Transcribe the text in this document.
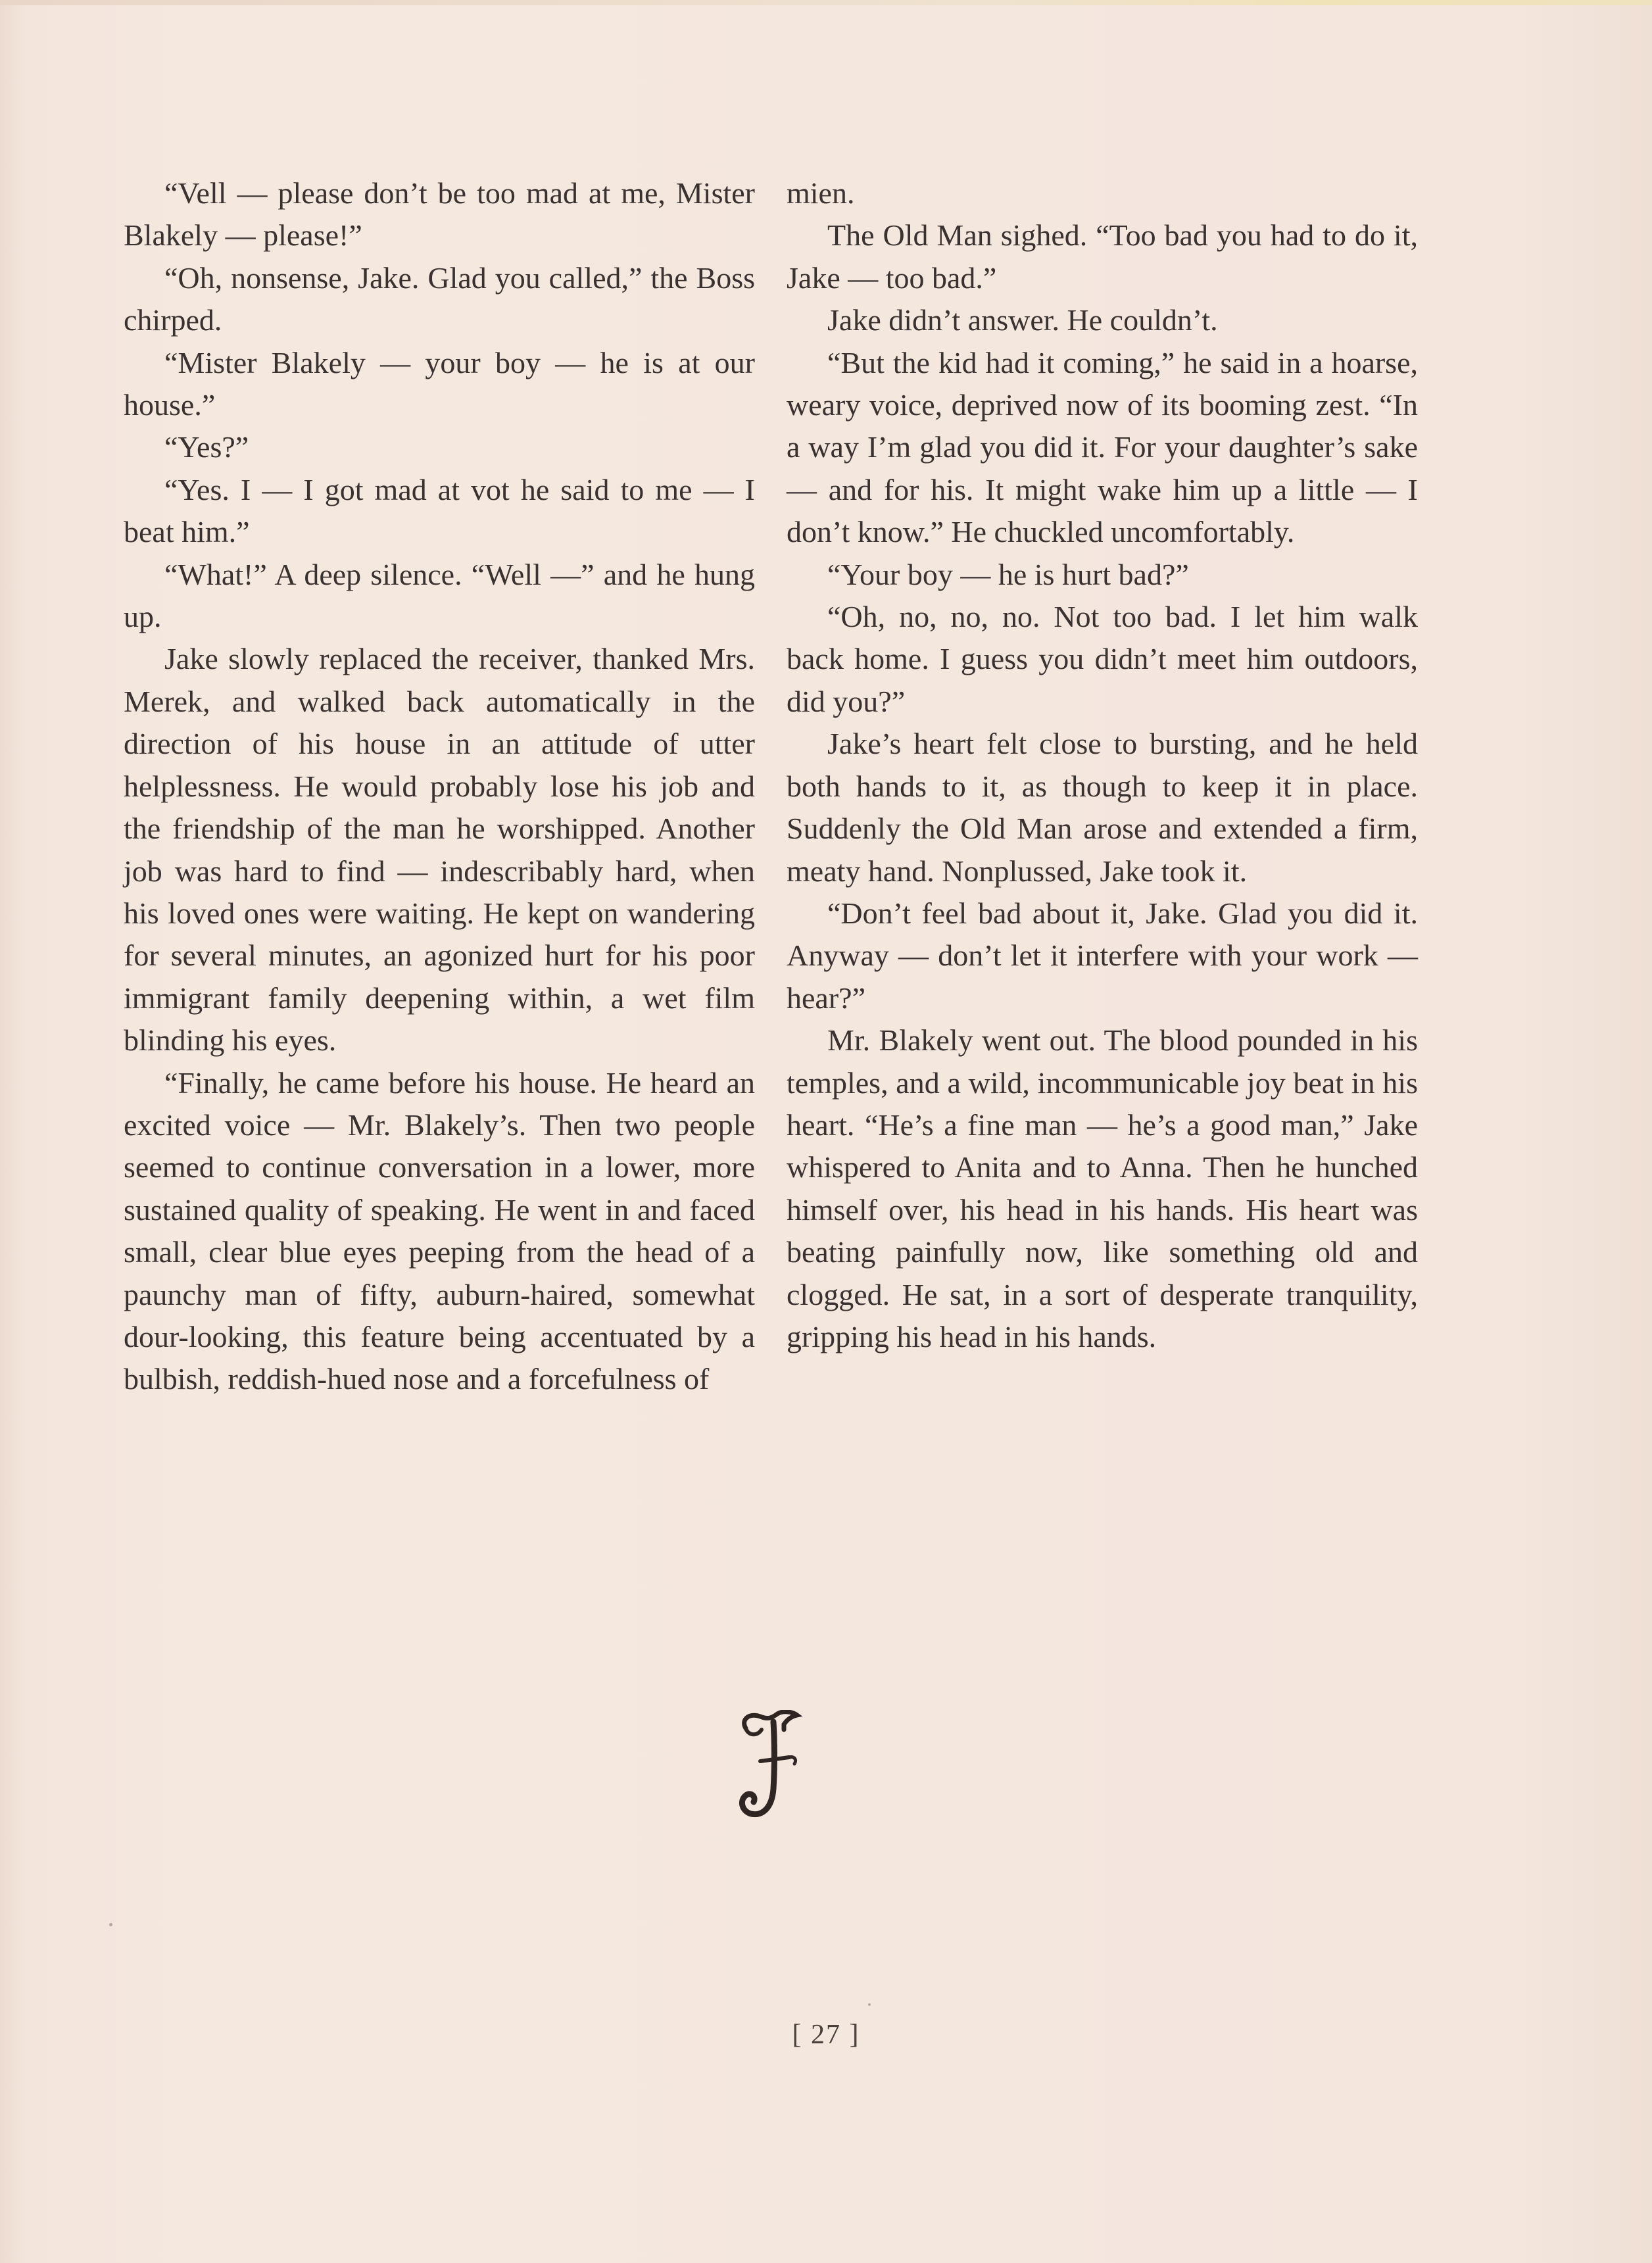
“Vell — please don’t be too mad at me, Mister Blakely — please!”

“Oh, nonsense, Jake. Glad you called,” the Boss chirped.

“Mister Blakely — your boy — he is at our house.”

“Yes?”

“Yes. I — I got mad at vot he said to me — I beat him.”

“What!” A deep silence. “Well —” and he hung up.

Jake slowly replaced the receiver, thanked Mrs. Merek, and walked back automatically in the direction of his house in an attitude of utter helplessness. He would probably lose his job and the friendship of the man he worshipped. Another job was hard to find — indescribably hard, when his loved ones were waiting. He kept on wandering for several minutes, an agonized hurt for his poor immigrant family deepening within, a wet film blinding his eyes.

“Finally, he came before his house. He heard an excited voice — Mr. Blakely’s. Then two people seemed to continue conversation in a lower, more sustained quality of speaking. He went in and faced small, clear blue eyes peeping from the head of a paunchy man of fifty, auburn-haired, somewhat dour-looking, this feature being accentuated by a bulbish, reddish-hued nose and a forcefulness of

mien.

The Old Man sighed. “Too bad you had to do it, Jake — too bad.”

Jake didn’t answer. He couldn’t.

“But the kid had it coming,” he said in a hoarse, weary voice, deprived now of its booming zest. “In a way I’m glad you did it. For your daughter’s sake — and for his. It might wake him up a little — I don’t know.” He chuckled uncomfortably.

“Your boy — he is hurt bad?”

“Oh, no, no, no. Not too bad. I let him walk back home. I guess you didn’t meet him outdoors, did you?”

Jake’s heart felt close to bursting, and he held both hands to it, as though to keep it in place. Suddenly the Old Man arose and extended a firm, meaty hand. Nonplussed, Jake took it.

“Don’t feel bad about it, Jake. Glad you did it. Anyway — don’t let it interfere with your work — hear?”

Mr. Blakely went out. The blood pounded in his temples, and a wild, incommunicable joy beat in his heart. “He’s a fine man — he’s a good man,” Jake whispered to Anita and to Anna. Then he hunched himself over, his head in his hands. His heart was beating painfully now, like something old and clogged. He sat, in a sort of desperate tranquility, gripping his head in his hands.

[ 27 ]
